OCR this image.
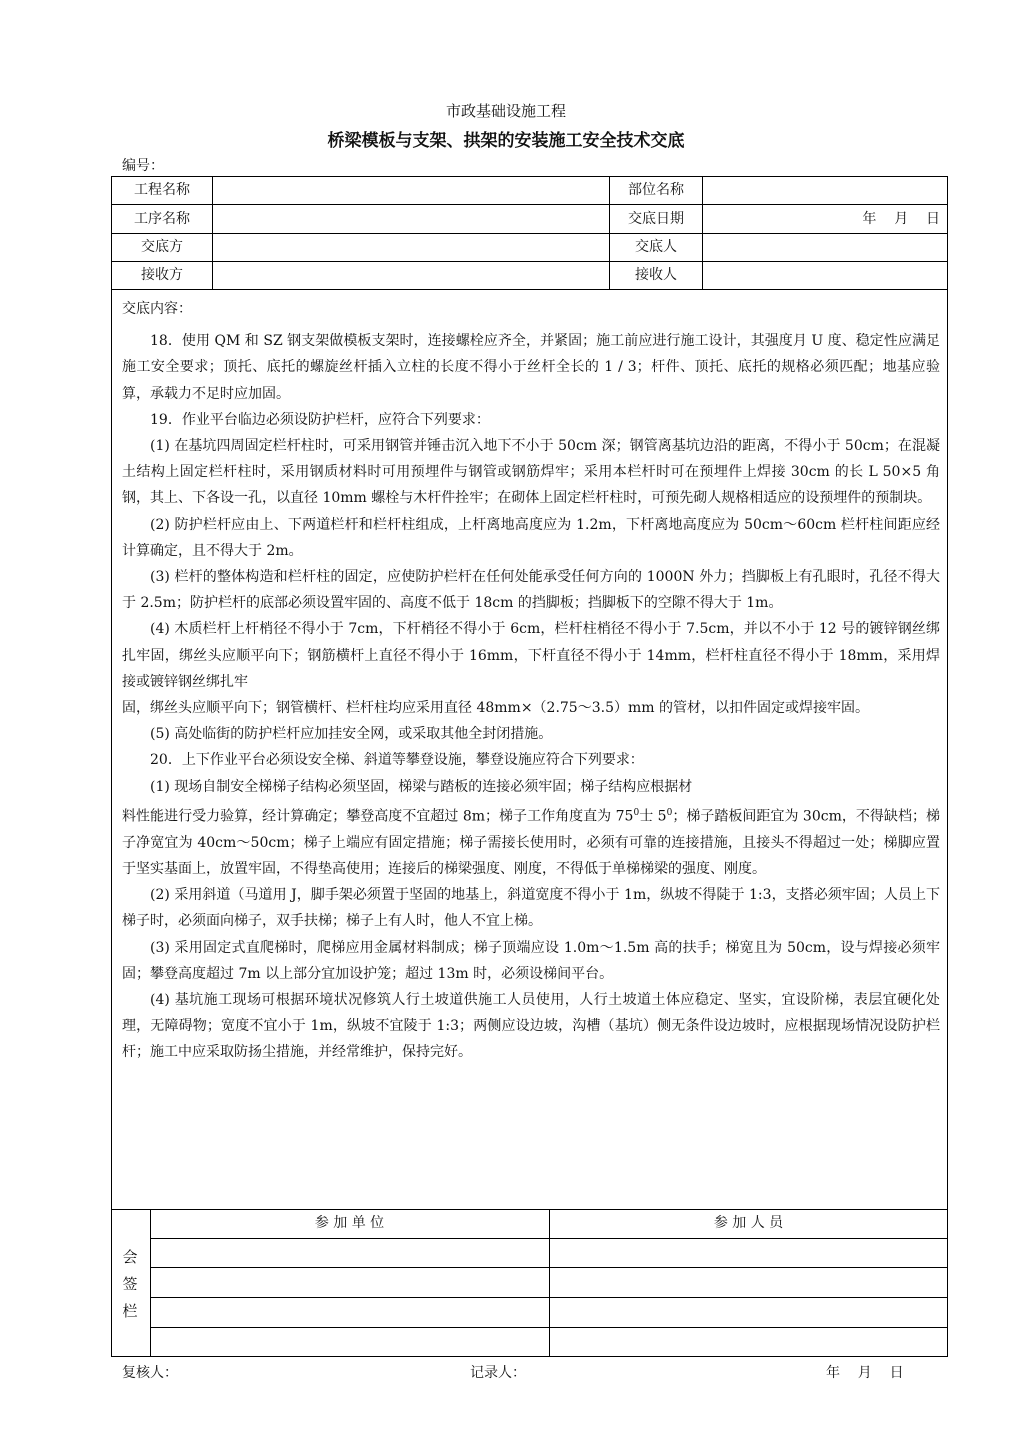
市政基础设施工程
桥梁模板与支架、拱架的安装施工安全技术交底
编号：
工程名称	部位名称
工序名称	交底日期	年    月    日
交底方	交底人
接收方	接收人

交底内容：

18．使用 QM 和 SZ 钢支架做模板支架时，连接螺栓应齐全，并紧固；施工前应进行施工设计，其强度月 U 度、稳定性应满足施工安全要求；顶托、底托的螺旋丝杆插入立柱的长度不得小于丝杆全长的 1 / 3；杆件、顶托、底托的规格必须匹配；地基应验算，承载力不足时应加固。

19．作业平台临边必须设防护栏杆，应符合下列要求：

(1) 在基坑四周固定栏杆柱时，可采用钢管并锤击沉入地下不小于 50cm 深；钢管离基坑边沿的距离，不得小于 50cm；在混凝土结构上固定栏杆柱时，采用钢质材料时可用预埋件与钢管或钢筋焊牢；采用本栏杆时可在预埋件上焊接 30cm 的长 L 50×5 角钢，其上、下各设一孔，以直径 10mm 螺栓与木杆件拴牢；在砌体上固定栏杆柱时，可预先砌人规格相适应的设预埋件的预制块。

(2) 防护栏杆应由上、下两道栏杆和栏杆柱组成，上杆离地高度应为 1.2m，下杆离地高度应为 50cm～60cm 栏杆柱间距应经计算确定，且不得大于 2m。

(3) 栏杆的整体构造和栏杆柱的固定，应使防护栏杆在任何处能承受任何方向的 1000N 外力；挡脚板上有孔眼时，孔径不得大于 2.5m；防护栏杆的底部必须设置牢固的、高度不低于 18cm 的挡脚板；挡脚板下的空隙不得大于 1m。

(4) 木质栏杆上杆梢径不得小于 7cm，下杆梢径不得小于 6cm，栏杆柱梢径不得小于 7.5cm，并以不小于 12 号的镀锌钢丝绑扎牢固，绑丝头应顺平向下；钢筋横杆上直径不得小于 16mm，下杆直径不得小于 14mm，栏杆柱直径不得小于 18mm，采用焊接或镀锌钢丝绑扎牢

固，绑丝头应顺平向下；钢管横杆、栏杆柱均应采用直径 48mm×（2.75～3.5）mm 的管材，以扣件固定或焊接牢固。

(5) 高处临街的防护栏杆应加挂安全网，或采取其他全封闭措施。

20．上下作业平台必须设安全梯、斜道等攀登设施，攀登设施应符合下列要求：

(1) 现场自制安全梯梯子结构必须坚固，梯梁与踏板的连接必须牢固；梯子结构应根据材

料性能进行受力验算，经计算确定；攀登高度不宜超过 8m；梯子工作角度直为 $75^0$士 $5^0$；梯子踏板间距宜为 30cm，不得缺档；梯子净宽宜为 40cm～50cm；梯子上端应有固定措施；梯子需接长使用时，必须有可靠的连接措施，且接头不得超过一处；梯脚应置于坚实基面上，放置牢固，不得垫高使用；连接后的梯梁强度、刚度，不得低于单梯梯梁的强度、刚度。

(2) 采用斜道（马道用 J，脚手架必须置于坚固的地基上，斜道宽度不得小于 1m，纵坡不得陡于 1:3，支搭必须牢固；人员上下梯子时，必须面向梯子，双手扶梯；梯子上有人时，他人不宜上梯。

(3) 采用固定式直爬梯时，爬梯应用金属材料制成；梯子顶端应设 1.0m～1.5m 高的扶手；梯宽且为 50cm，设与焊接必须牢固；攀登高度超过 7m 以上部分宜加设护笼；超过 13m 时，必须设梯间平台。

(4) 基坑施工现场可根据环境状况修筑人行土坡道供施工人员使用，人行土坡道土体应稳定、坚实，宜设阶梯，表层宜硬化处理，无障碍物；宽度不宜小于 1m，纵坡不宜陵于 1:3；两侧应设边坡，沟槽（基坑）侧无条件设边坡时，应根据现场情况设防护栏杆；施工中应采取防扬尘措施，并经常维护，保持完好。

会
签
栏
参 加 单 位	参 加 人 员
复核人：	记录人：	年    月    日
